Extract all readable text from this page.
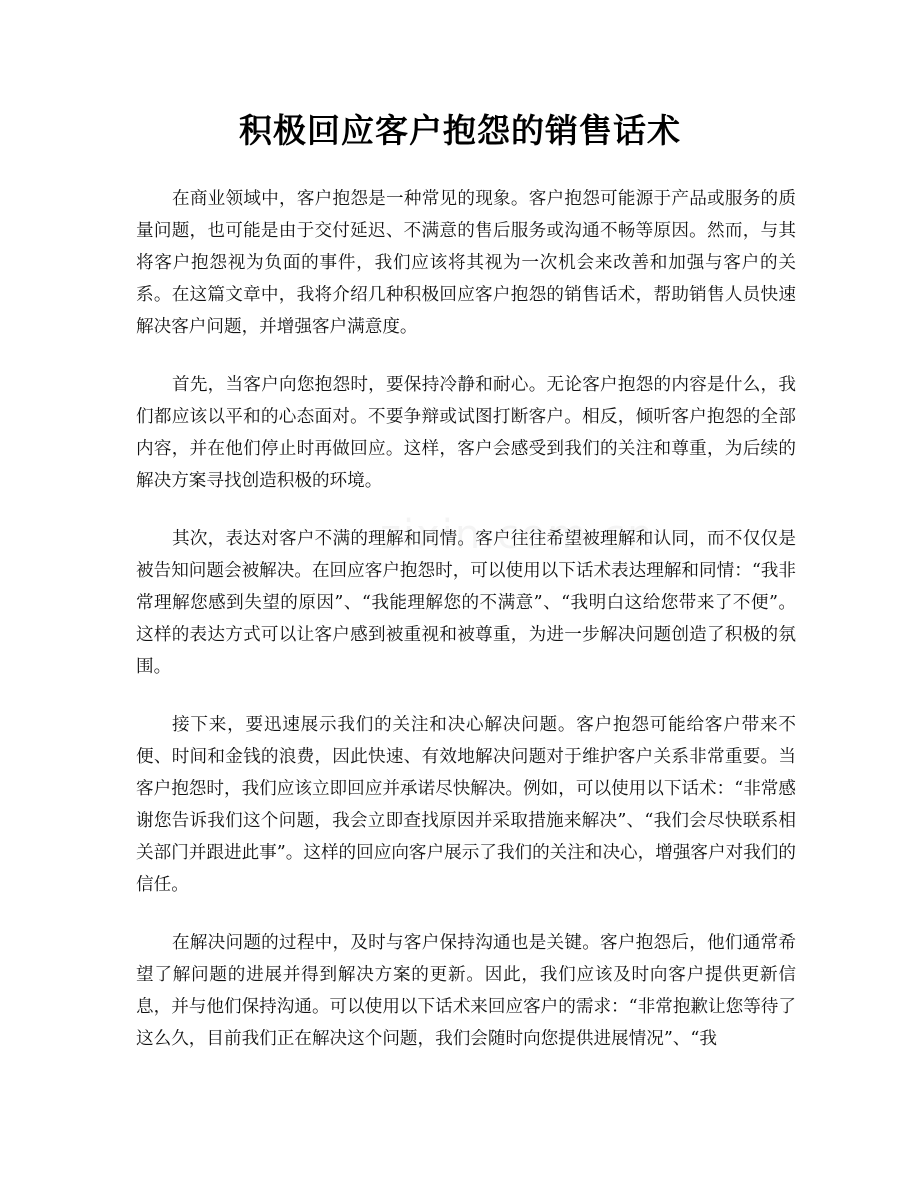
积极回应客户抱怨的销售话术

在商业领域中，客户抱怨是一种常见的现象。客户抱怨可能源于产品或服务的质量问题，也可能是由于交付延迟、不满意的售后服务或沟通不畅等原因。然而，与其将客户抱怨视为负面的事件，我们应该将其视为一次机会来改善和加强与客户的关系。在这篇文章中，我将介绍几种积极回应客户抱怨的销售话术，帮助销售人员快速解决客户问题，并增强客户满意度。

首先，当客户向您抱怨时，要保持冷静和耐心。无论客户抱怨的内容是什么，我们都应该以平和的心态面对。不要争辩或试图打断客户。相反，倾听客户抱怨的全部内容，并在他们停止时再做回应。这样，客户会感受到我们的关注和尊重，为后续的解决方案寻找创造积极的环境。

其次，表达对客户不满的理解和同情。客户往往希望被理解和认同，而不仅仅是被告知问题会被解决。在回应客户抱怨时，可以使用以下话术表达理解和同情：“我非常理解您感到失望的原因”、“我能理解您的不满意”、“我明白这给您带来了不便”。这样的表达方式可以让客户感到被重视和被尊重，为进一步解决问题创造了积极的氛围。

接下来，要迅速展示我们的关注和决心解决问题。客户抱怨可能给客户带来不便、时间和金钱的浪费，因此快速、有效地解决问题对于维护客户关系非常重要。当客户抱怨时，我们应该立即回应并承诺尽快解决。例如，可以使用以下话术：“非常感谢您告诉我们这个问题，我会立即查找原因并采取措施来解决”、“我们会尽快联系相关部门并跟进此事”。这样的回应向客户展示了我们的关注和决心，增强客户对我们的信任。

在解决问题的过程中，及时与客户保持沟通也是关键。客户抱怨后，他们通常希望了解问题的进展并得到解决方案的更新。因此，我们应该及时向客户提供更新信息，并与他们保持沟通。可以使用以下话术来回应客户的需求：“非常抱歉让您等待了这么久，目前我们正在解决这个问题，我们会随时向您提供进展情况”、“我
